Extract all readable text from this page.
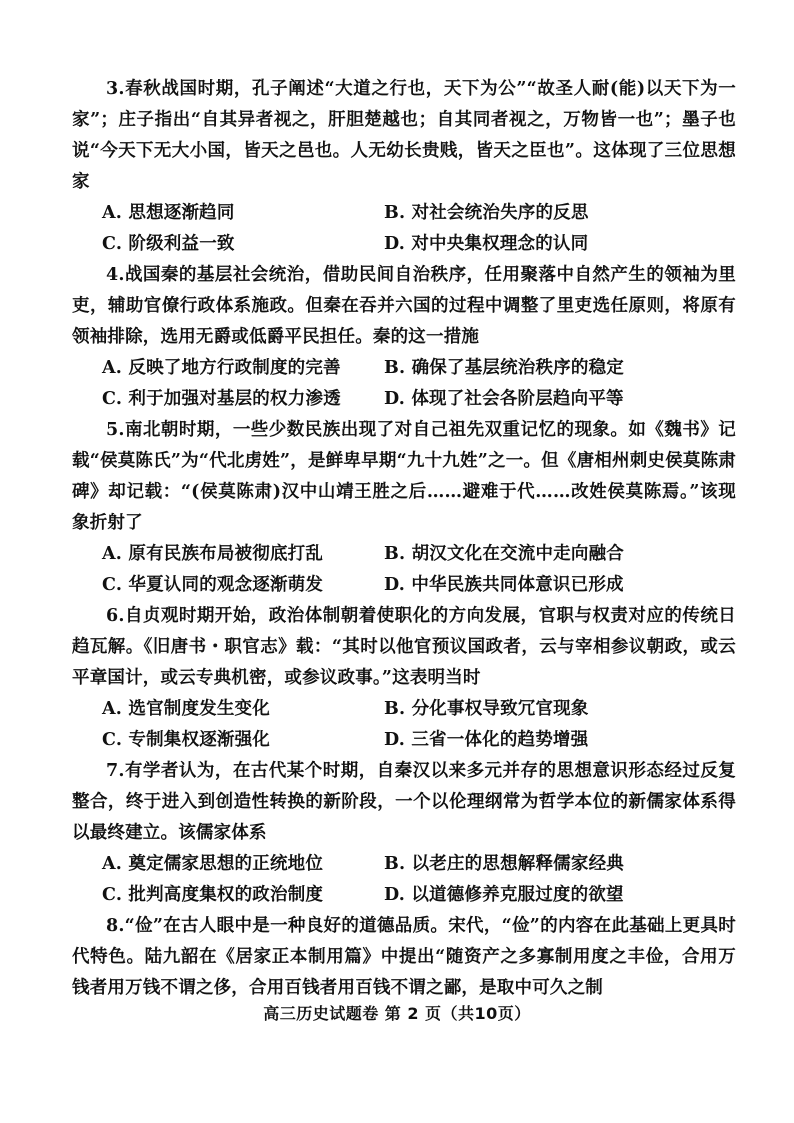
3.春秋战国时期，孔子阐述“大道之行也，天下为公”“故圣人耐(能)以天下为一家”；庄子指出“自其异者视之，肝胆楚越也；自其同者视之，万物皆一也”；墨子也说“今天下无大小国，皆天之邑也。人无幼长贵贱，皆天之臣也”。这体现了三位思想家

A. 思想逐渐趋同	B. 对社会统治失序的反思
C. 阶级利益一致	D. 对中央集权理念的认同

4.战国秦的基层社会统治，借助民间自治秩序，任用聚落中自然产生的领袖为里吏，辅助官僚行政体系施政。但秦在吞并六国的过程中调整了里吏选任原则，将原有领袖排除，选用无爵或低爵平民担任。秦的这一措施

A. 反映了地方行政制度的完善	B. 确保了基层统治秩序的稳定
C. 利于加强对基层的权力渗透	D. 体现了社会各阶层趋向平等

5.南北朝时期，一些少数民族出现了对自己祖先双重记忆的现象。如《魏书》记载“侯莫陈氏”为“代北虏姓”，是鲜卑早期“九十九姓”之一。但《唐相州刺史侯莫陈肃碑》却记载：“(侯莫陈肃)汉中山靖王胜之后……避难于代……改姓侯莫陈焉。”该现象折射了

A. 原有民族布局被彻底打乱	B. 胡汉文化在交流中走向融合
C. 华夏认同的观念逐渐萌发	D. 中华民族共同体意识已形成

6.自贞观时期开始，政治体制朝着使职化的方向发展，官职与权责对应的传统日趋瓦解。《旧唐书・职官志》载：“其时以他官预议国政者，云与宰相参议朝政，或云平章国计，或云专典机密，或参议政事。”这表明当时

A. 选官制度发生变化	B. 分化事权导致冗官现象
C. 专制集权逐渐强化	D. 三省一体化的趋势增强

7.有学者认为，在古代某个时期，自秦汉以来多元并存的思想意识形态经过反复整合，终于进入到创造性转换的新阶段，一个以伦理纲常为哲学本位的新儒家体系得以最终建立。该儒家体系

A. 奠定儒家思想的正统地位	B. 以老庄的思想解释儒家经典
C. 批判高度集权的政治制度	D. 以道德修养克服过度的欲望

8.“俭”在古人眼中是一种良好的道德品质。宋代，“俭”的内容在此基础上更具时代特色。陆九韶在《居家正本制用篇》中提出“随资产之多寡制用度之丰俭，合用万钱者用万钱不谓之侈，合用百钱者用百钱不谓之鄙，是取中可久之制

高三历史试题卷 第 2 页（共10页）
